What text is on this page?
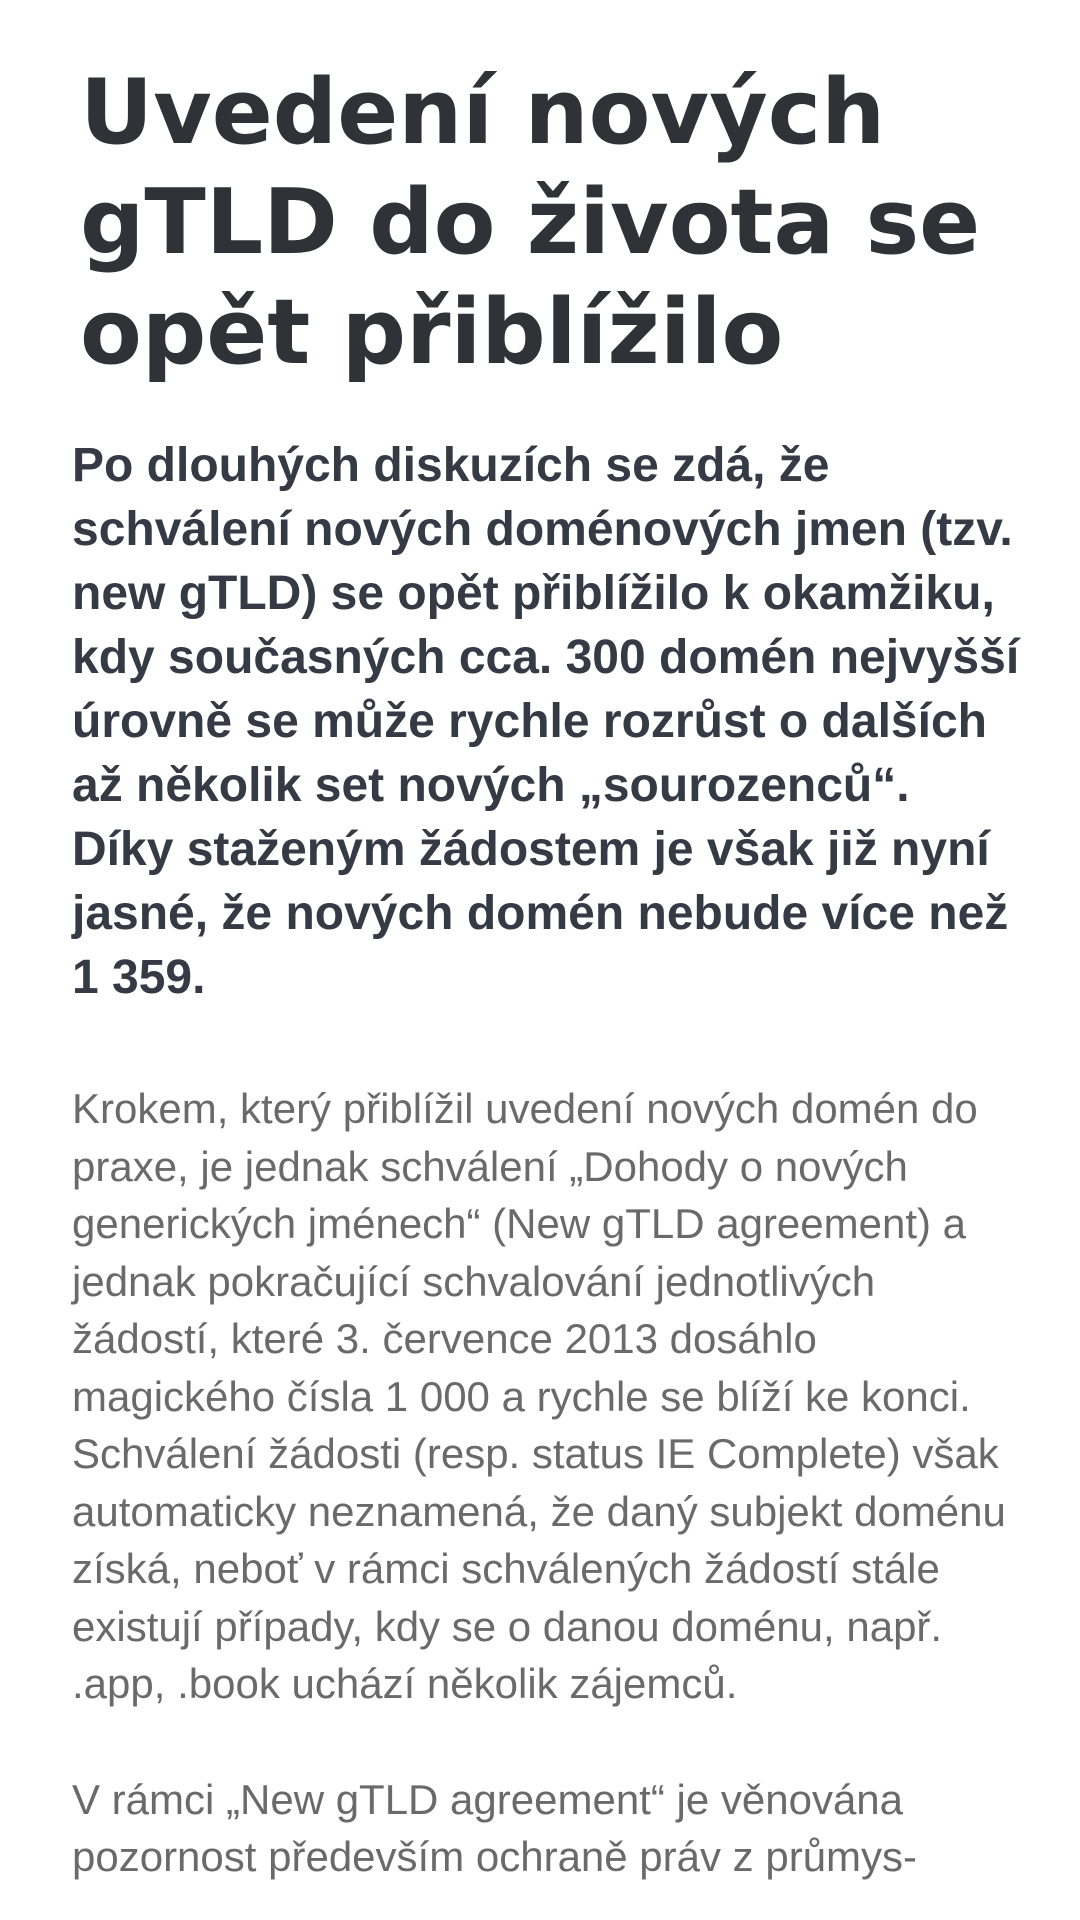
Uvedení nových gTLD do života se opět přiblížilo

Po dlouhých diskuzích se zdá, že schválení nových doménových jmen (tzv. new gTLD) se opět přiblížilo k okamžiku, kdy současných cca. 300 domén nejvyšší úrovně se může rychle rozrůst o dalších až několik set nových „sourozenců“. Díky staženým žádostem je však již nyní jasné, že nových domén nebude více než 1 359.

Krokem, který přiblížil uvedení nových domén do praxe, je jednak schválení „Dohody o nových generických jménech“ (New gTLD agreement) a jednak pokračující schvalování jednotlivých žádostí, které 3. července 2013 dosáhlo magického čísla 1 000 a rychle se blíží ke konci. Schválení žádosti (resp. status IE Complete) však automaticky neznamená, že daný subjekt doménu získá, neboť v rámci schválených žádostí stále existují případy, kdy se o danou doménu, např. .app, .book uchází několik zájemců.

V rámci „New gTLD agreement“ je věnována pozornost především ochraně práv z průmys-
